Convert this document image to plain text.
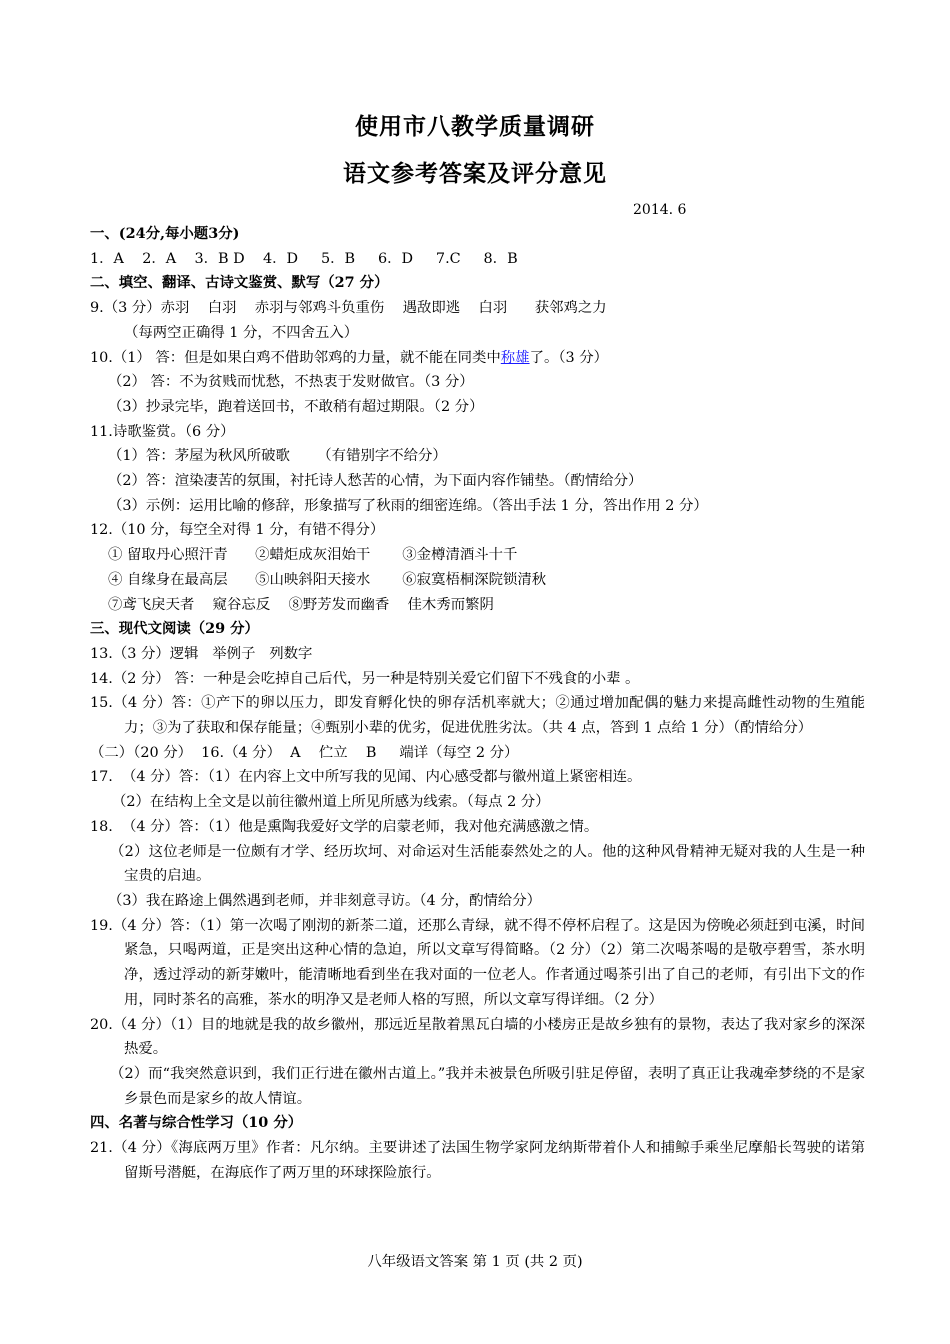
使用市八教学质量调研
语文参考答案及评分意见
2014. 6

一、(24分,每小题3分)

1．A    2．A    3．B D    4．D     5．B     6．D     7.C     8．B

二、填空、翻译、古诗文鉴赏、默写（27 分）

9.（3 分）赤羽    白羽    赤羽与邻鸡斗负重伤    遇敌即逃    白羽      获邻鸡之力

（每两空正确得 1 分，不四舍五入）

10.（1） 答：但是如果白鸡不借助邻鸡的力量，就不能在同类中称雄了。（3 分）

（2） 答：不为贫贱而忧愁，不热衷于发财做官。（3 分）

（3）抄录完毕，跑着送回书，不敢稍有超过期限。（2 分）

11.诗歌鉴赏。（6 分）

（1）答：茅屋为秋风所破歌      （有错别字不给分）

（2）答：渲染凄苦的氛围，衬托诗人愁苦的心情，为下面内容作铺垫。（酌情给分）

（3）示例：运用比喻的修辞，形象描写了秋雨的细密连绵。（答出手法 1 分，答出作用 2 分）

12.（10 分，每空全对得 1 分，有错不得分）

① 留取丹心照汗青      ②蜡炬成灰泪始干       ③金樽清酒斗十千

④ 自缘身在最高层      ⑤山映斜阳天接水       ⑥寂寞梧桐深院锁清秋

⑦鸢飞戾天者    窥谷忘反    ⑧野芳发而幽香    佳木秀而繁阴

三、现代文阅读（29 分）

13.（3 分）逻辑   举例子   列数字

14.（2 分） 答：一种是会吃掉自己后代，另一种是特别关爱它们留下不残食的小辈 。

15.（4 分）答：①产下的卵以压力，即发育孵化快的卵存活机率就大；②通过增加配偶的魅力来提高雌性动物的生殖能力；③为了获取和保存能量；④甄别小辈的优劣，促进优胜劣汰。（共 4 点，答到 1 点给 1 分）（酌情给分）

（二）（20 分）  16.（4 分）  A    伫立    B     端详（每空 2 分）

17.  （4 分）答：（1）在内容上文中所写我的见闻、内心感受都与徽州道上紧密相连。

（2）在结构上全文是以前往徽州道上所见所感为线索。（每点 2 分）

18.  （4 分）答：（1）他是熏陶我爱好文学的启蒙老师，我对他充满感激之情。

（2）这位老师是一位颇有才学、经历坎坷、对命运对生活能泰然处之的人。他的这种风骨精神无疑对我的人生是一种宝贵的启迪。

（3）我在路途上偶然遇到老师，并非刻意寻访。（4 分，酌情给分）

19.（4 分）答：（1）第一次喝了刚沏的新茶二道，还那么青绿，就不得不停杯启程了。这是因为傍晚必须赶到屯溪，时间紧急，只喝两道，正是突出这种心情的急迫，所以文章写得简略。（2 分）（2）第二次喝茶喝的是敬亭碧雪，茶水明净，透过浮动的新芽嫩叶，能清晰地看到坐在我对面的一位老人。作者通过喝茶引出了自己的老师，有引出下文的作用，同时茶名的高雅，茶水的明净又是老师人格的写照，所以文章写得详细。（2 分）

20.（4 分）（1）目的地就是我的故乡徽州，那远近星散着黑瓦白墙的小楼房正是故乡独有的景物，表达了我对家乡的深深热爱。

（2）而“我突然意识到，我们正行进在徽州古道上。”我并未被景色所吸引驻足停留，表明了真正让我魂牵梦绕的不是家乡景色而是家乡的故人情谊。

四、名著与综合性学习（10 分）

21.（4 分）《海底两万里》作者：凡尔纳。主要讲述了法国生物学家阿龙纳斯带着仆人和捕鲸手乘坐尼摩船长驾驶的诺第留斯号潜艇，在海底作了两万里的环球探险旅行。

八年级语文答案 第 1 页 (共 2 页)
